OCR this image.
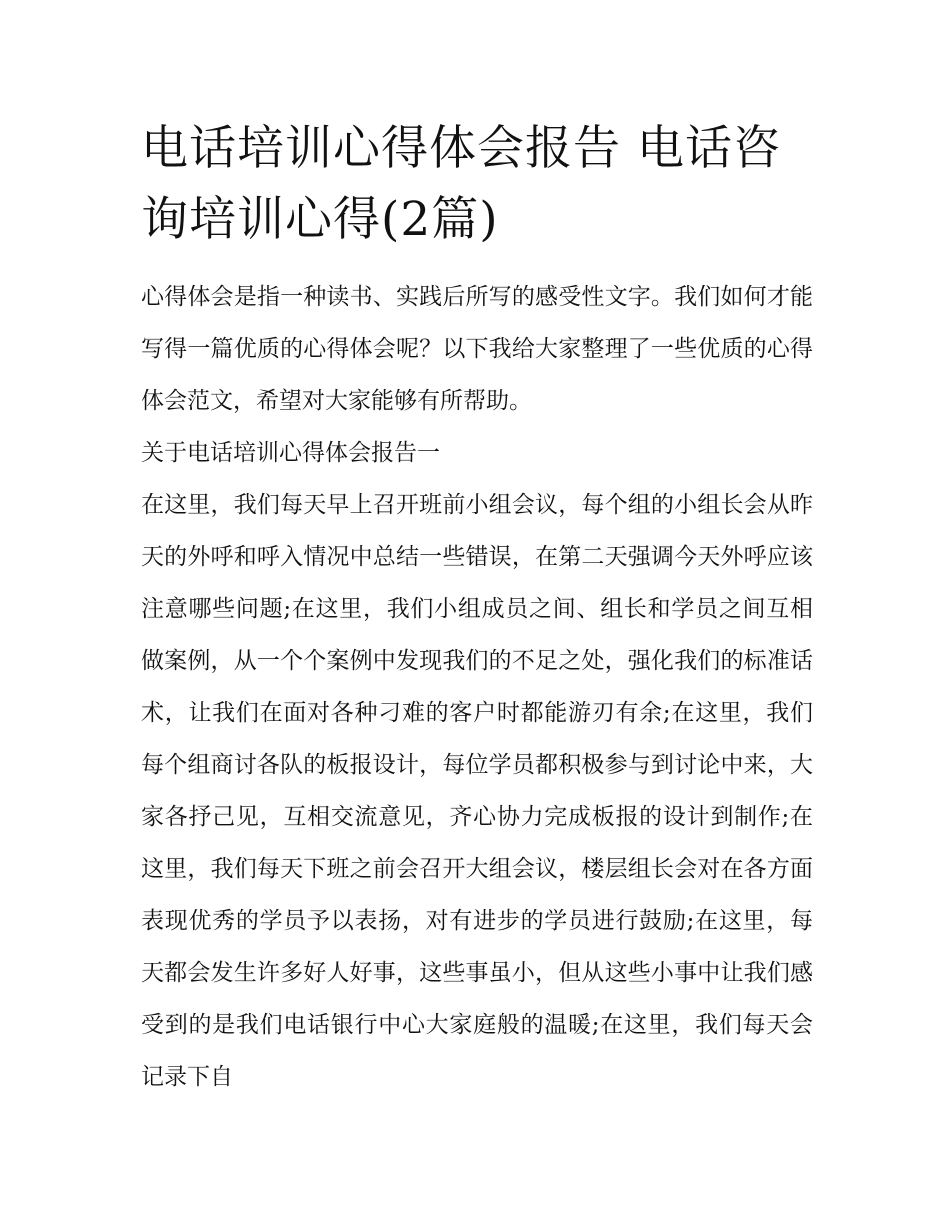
电话培训心得体会报告 电话咨询培训心得(2篇)

心得体会是指一种读书、实践后所写的感受性文字。我们如何才能写得一篇优质的心得体会呢？以下我给大家整理了一些优质的心得体会范文，希望对大家能够有所帮助。

关于电话培训心得体会报告一

在这里，我们每天早上召开班前小组会议，每个组的小组长会从昨天的外呼和呼入情况中总结一些错误，在第二天强调今天外呼应该注意哪些问题;在这里，我们小组成员之间、组长和学员之间互相做案例，从一个个案例中发现我们的不足之处，强化我们的标准话术，让我们在面对各种刁难的客户时都能游刃有余;在这里，我们每个组商讨各队的板报设计，每位学员都积极参与到讨论中来，大家各抒己见，互相交流意见，齐心协力完成板报的设计到制作;在这里，我们每天下班之前会召开大组会议，楼层组长会对在各方面表现优秀的学员予以表扬，对有进步的学员进行鼓励;在这里，每天都会发生许多好人好事，这些事虽小，但从这些小事中让我们感受到的是我们电话银行中心大家庭般的温暖;在这里，我们每天会记录下自
